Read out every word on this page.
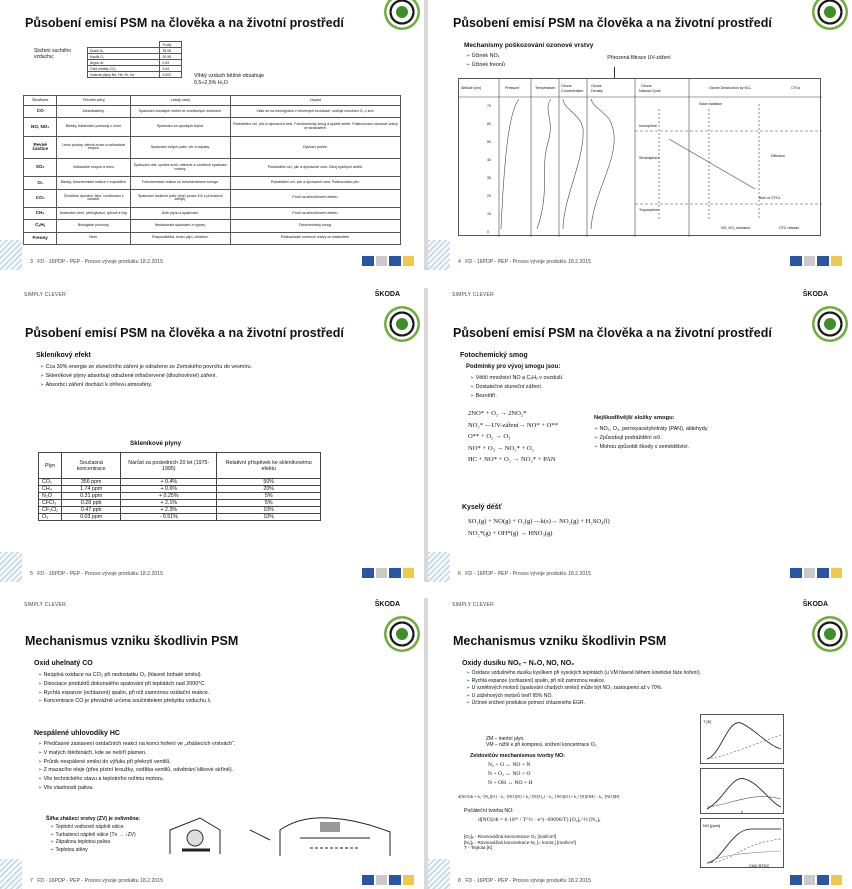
Působení emisí PSM na člověka a na životní prostředí
Složení suchého vzduchu:
	% obj.
Dusík N₂	78.08
Kyslík O₂	20.95
Argon Ar	0.93
Oxid uhličitý CO₂	0.04
Vzácné plyny Ne, He, Kr, Xe	0.002	Vlhký vzduch běžně obsahuje 0,5÷2,5% H₂O
Škodlivina	Přírodní zdroj	Lidský zdroj	Dopad
CO	Zanedbatelný.	Spalování bohatých směsí ve vozidlových motorech.	Váže se na hemoglobin v červených krvinkách, snižuje množství O₂ v krvi.
NO, NO₂	Blesky, bakteriální pochody v zemi.	Spalování za vysokých teplot.	Podráždění očí, plic a dýchacích cest. Fotochemický smog a kyselé deště. Poškozování ozonové vrstvy ve stratosféře.
Pevné částice	Lesní požáry, větrná eroze a vulkanické erupce.	Spalování tuhých paliv, vítr a odpady.	Dýchací potíže.
SO₂	Vulkanické erupce a lesní.	Spalování uhlí, výroba oceli, rafinerie a vznětové spalovací motory.	Podrážděni očí, plic a dýchacích cest. Zdroj kyselých dešťů.
O₃	Blesky, fotochemické reakce v troposféře.	Fotochemické reakce ve fotochemickém smogu.	Podrážděni očí, plic a dýchacích cest. Poškozování plic.
CO₂	Živočišné dýchání, tlení, uvolňování z oceánů.	Spalování fosilních paliv (tvoří pouze 4% z přírodních zdrojů).	Podíl na skleníkovém efektu.
CH₄	Anaerobní tlení, přežvýkavci, rýžové a řízy.	Únik plynu a spalování.	Podíl na skleníkovém efektu.
CₓHᵧ	Biologické pochody.	Nedokonalé spalování a výpary.	Fotochemický smog.
Freony	Není.	Rozpouštědla, hnací plyn, chladivo.	Poškozování ozonové vrstvy ve stratosféře.
3 FD - 16PDP - PEP - Proces vývoje produktu 18.2.2015
Působení emisí PSM na člověka a na životní prostředí
Mechanismy poškozování ozonové vrstvy
➢ Účinek NOₓ
➢ Účinek freonů
Přirozená filtrace UV-záření
Altitude (km)	Pressure	Temperature Ozone
Concentration
Ozone
Density
Ozone
Natural Cycle
Ozone Destruction by NOₓ	CFCs
Ionosphere
Stratosphere
Troposphere
Solar radiation
Diffusion
Bulk of CFCs
NO, NO₂ emission	CFC release
70
60
50
40
30
20
10
0
4 FD - 16PDP - PEP - Proces vývoje produktu 18.2.2015
SIMPLY CLEVER	ŠKODA
Působení emisí PSM na člověka a na životní prostředí
Skleníkový efekt
➢ Cca 30% energie ze slunečního záření je odraženo ze Zemského povrchu do vesmíru.
➢ Skleníkové plyny absorbují odražené infračervené (dlouhovlnné) záření.
➢ Absorbcí záření dochází k ohřevu atmosféry.
Skleníkové plyny
Plyn	Současná koncentrace	Nárůst za posledních 20 let (1975-1995)	Relativní příspěvek ke skleníkovému efektu
CO₂	356 ppm	+ 0.4%	50%
CH₄	1.74 ppm	+ 0.6%	20%
N₂O	0.31 ppm	+ 0.25%	5%
CFCl₃	0.28 ppb	+ 2.1%	5%
CF₂Cl₂	0.47 ppb	+ 2.3%	10%
O₃	0.03 ppm	- 0.51%	10%
5 FD - 16PDP - PEP - Proces vývoje produktu 18.2.2015
SIMPLY CLEVER	ŠKODA
Působení emisí PSM na člověka a na životní prostředí
Fotochemický smog
Podmínky pro vývoj smogu jsou:
➢ Větší množství NO a CₓHᵧ v ovzduší.
➢ Dostatečné sluneční záření.
➢ Bezvětří.
2NO* + O₂ → 2NO₂*
NO₂* —UV-záření→ NO* + O**
O** + O₂ → O₃
NO* + O₃ → NO₂* + O₂
HC + NO* + O₂ → NO₂* + PAN
Nejškodlivější složky smogu:
➢ NO₂, O₃, peroxyacetylnitráty (PAN), aldehydy.
➢ Způsobují podráždění očí.
➢ Mohou způsobit škody v zemědělství.
Kyselý déšť
SO₂(g) + NO(g) + O₂(g) —k(s)→ NO₂(g) + H₂SO₄(l)
NO₂*(g) + OH*(g) → HNO₃(g)
6 FD - 16PDP - PEP - Proces vývoje produktu 18.2.2015
SIMPLY CLEVER	ŠKODA
Mechanismus vzniku škodlivin PSM
Oxid uhelnatý CO
➢ Neúplná oxidace na CO₂ při nedostatku O₂ (hlavně bohaté směsi).
➢ Disociace produktů dokonalého spalování při teplotách nad 2000°C.
➢ Rychlá expanze (ochlazení) spalin, při níž zamrznou oxidační reakce.
➢ Koncentrace CO je převážně určena součinitelem přebytku vzduchu λ.
Nespálené uhlovodíky HC
➢ Předčasné zastavení oxidačních reakcí na konci hoření ve „zhášecích vrstvách“.
➢ V malých štěrbinách, kde se nešíří plamen.
➢ Průnik nespálené směsi do výfuku při překrytí ventilů.
➢ Z mazacího oleje (přes pístní kroužky, vodítka ventilů, odvětrání klikové skříně).
➢ Vliv technického stavu a teplotního režimu motoru.
➢ Vliv vlastností paliva.
Šířka zhášecí vrstvy (ZV) je ovlivněna:
➢ Teplotní vodivostí náplně válce
➢ Turbulencí náplně válce (Tn → ↓ZV)
➢ Zápalnou teplotou paliva
➢ Teplotou stěny
7 FD - 16PDP - PEP - Proces vývoje produktu 18.2.2015
SIMPLY CLEVER	ŠKODA
Mechanismus vzniku škodlivin PSM
Oxidy dusíku NOₓ – N₂O, NO, NO₂
➢ Oxidace vzdušného dusíku kyslíkem při vysokých teplotách (u VM hlavně během kinetické fáze hoření).
➢ Rychlá expanze (ochlazení) spalin, při níž zamrznou reakce.
➢ U vznětových motorů (spalování chudých směsí) může být NO₂ zastoupeno až v 70%.
➢ U zážehových motorů tvoří 95% NO.
➢ Účinné snížení produkce pomocí chlazeného EGR.
ZM – inertní plyn,
VM – nižší κ při kompresi, snížení koncentrace O₂
Zeldovičův mechanismus tvorby NO:
N₂ + O ↔ NO + N
N + O₂ ↔ NO + O
N + OH ↔ NO + H
d[NO]/dt = k₁⁺[N₂][O] − k₁⁻[NO][N] + k₂⁺[N][O₂] − k₂⁻[NO][O] + k₃⁺[N][OH] − k₃⁻[NO][H]
Počáteční tvorba NO:
d[NO]/dt = 6·10¹⁶ / T^½ · e^(−69090/T) [O₂]ₑ^½ [N₂]ₑ
[O₂]ₑ - Rovnovážná koncentrace O₂ [mol/cm³]
[N₂]ₑ - Rovnovážná koncentrace N₂ [= konst.] [mol/cm³]
T - Teplota [K]
T [K]
λ
NO [ppm]
CAD BTDC
8 FD - 16PDP - PEP - Proces vývoje produktu 18.2.2015
